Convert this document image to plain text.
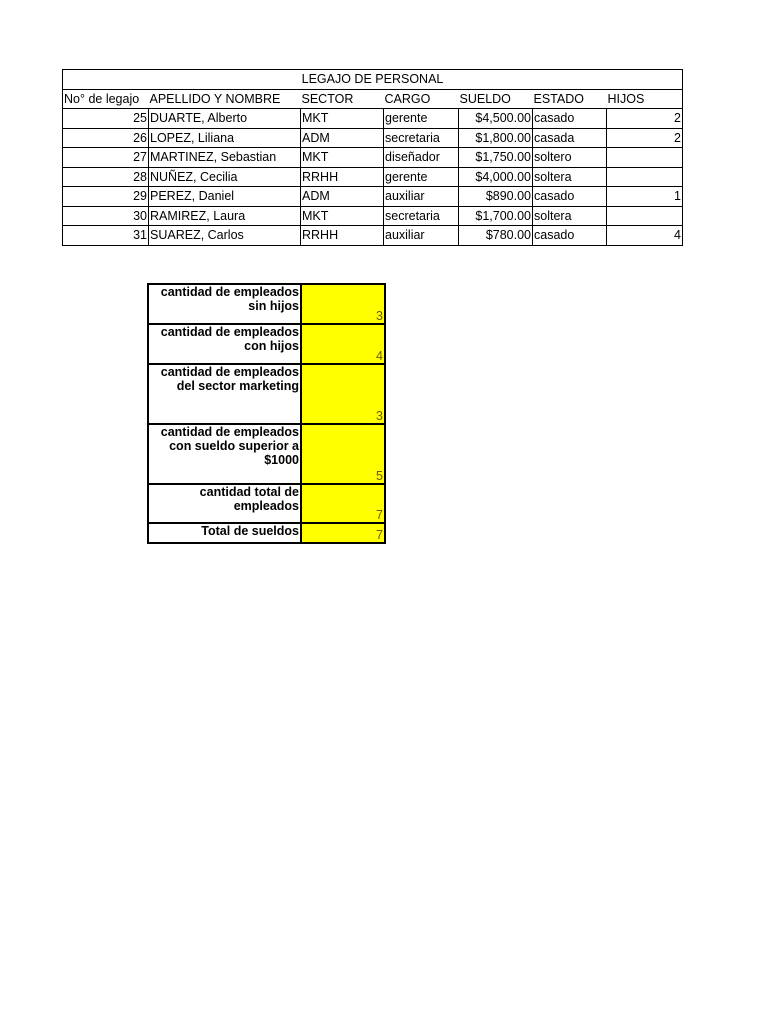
LEGAJO DE PERSONAL						
No° de legajo	APELLIDO Y NOMBRE	SECTOR	CARGO	SUELDO	ESTADO	HIJOS
25	DUARTE, Alberto	MKT	gerente	$4,500.00	casado	2
26	LOPEZ, Liliana	ADM	secretaria	$1,800.00	casada	2
27	MARTINEZ, Sebastian	MKT	diseñador	$1,750.00	soltero	
28	NUÑEZ, Cecilia	RRHH	gerente	$4,000.00	soltera	
29	PEREZ, Daniel	ADM	auxiliar	$890.00	casado	1
30	RAMIREZ, Laura	MKT	secretaria	$1,700.00	soltera	
31	SUAREZ, Carlos	RRHH	auxiliar	$780.00	casado	4
cantidad de empleados
sin hijos	3
cantidad de empleados
con hijos	4
cantidad de empleados
del sector marketing	3
cantidad de empleados
con sueldo superior a
$1000	5
cantidad total de
empleados	7
Total de sueldos	7
